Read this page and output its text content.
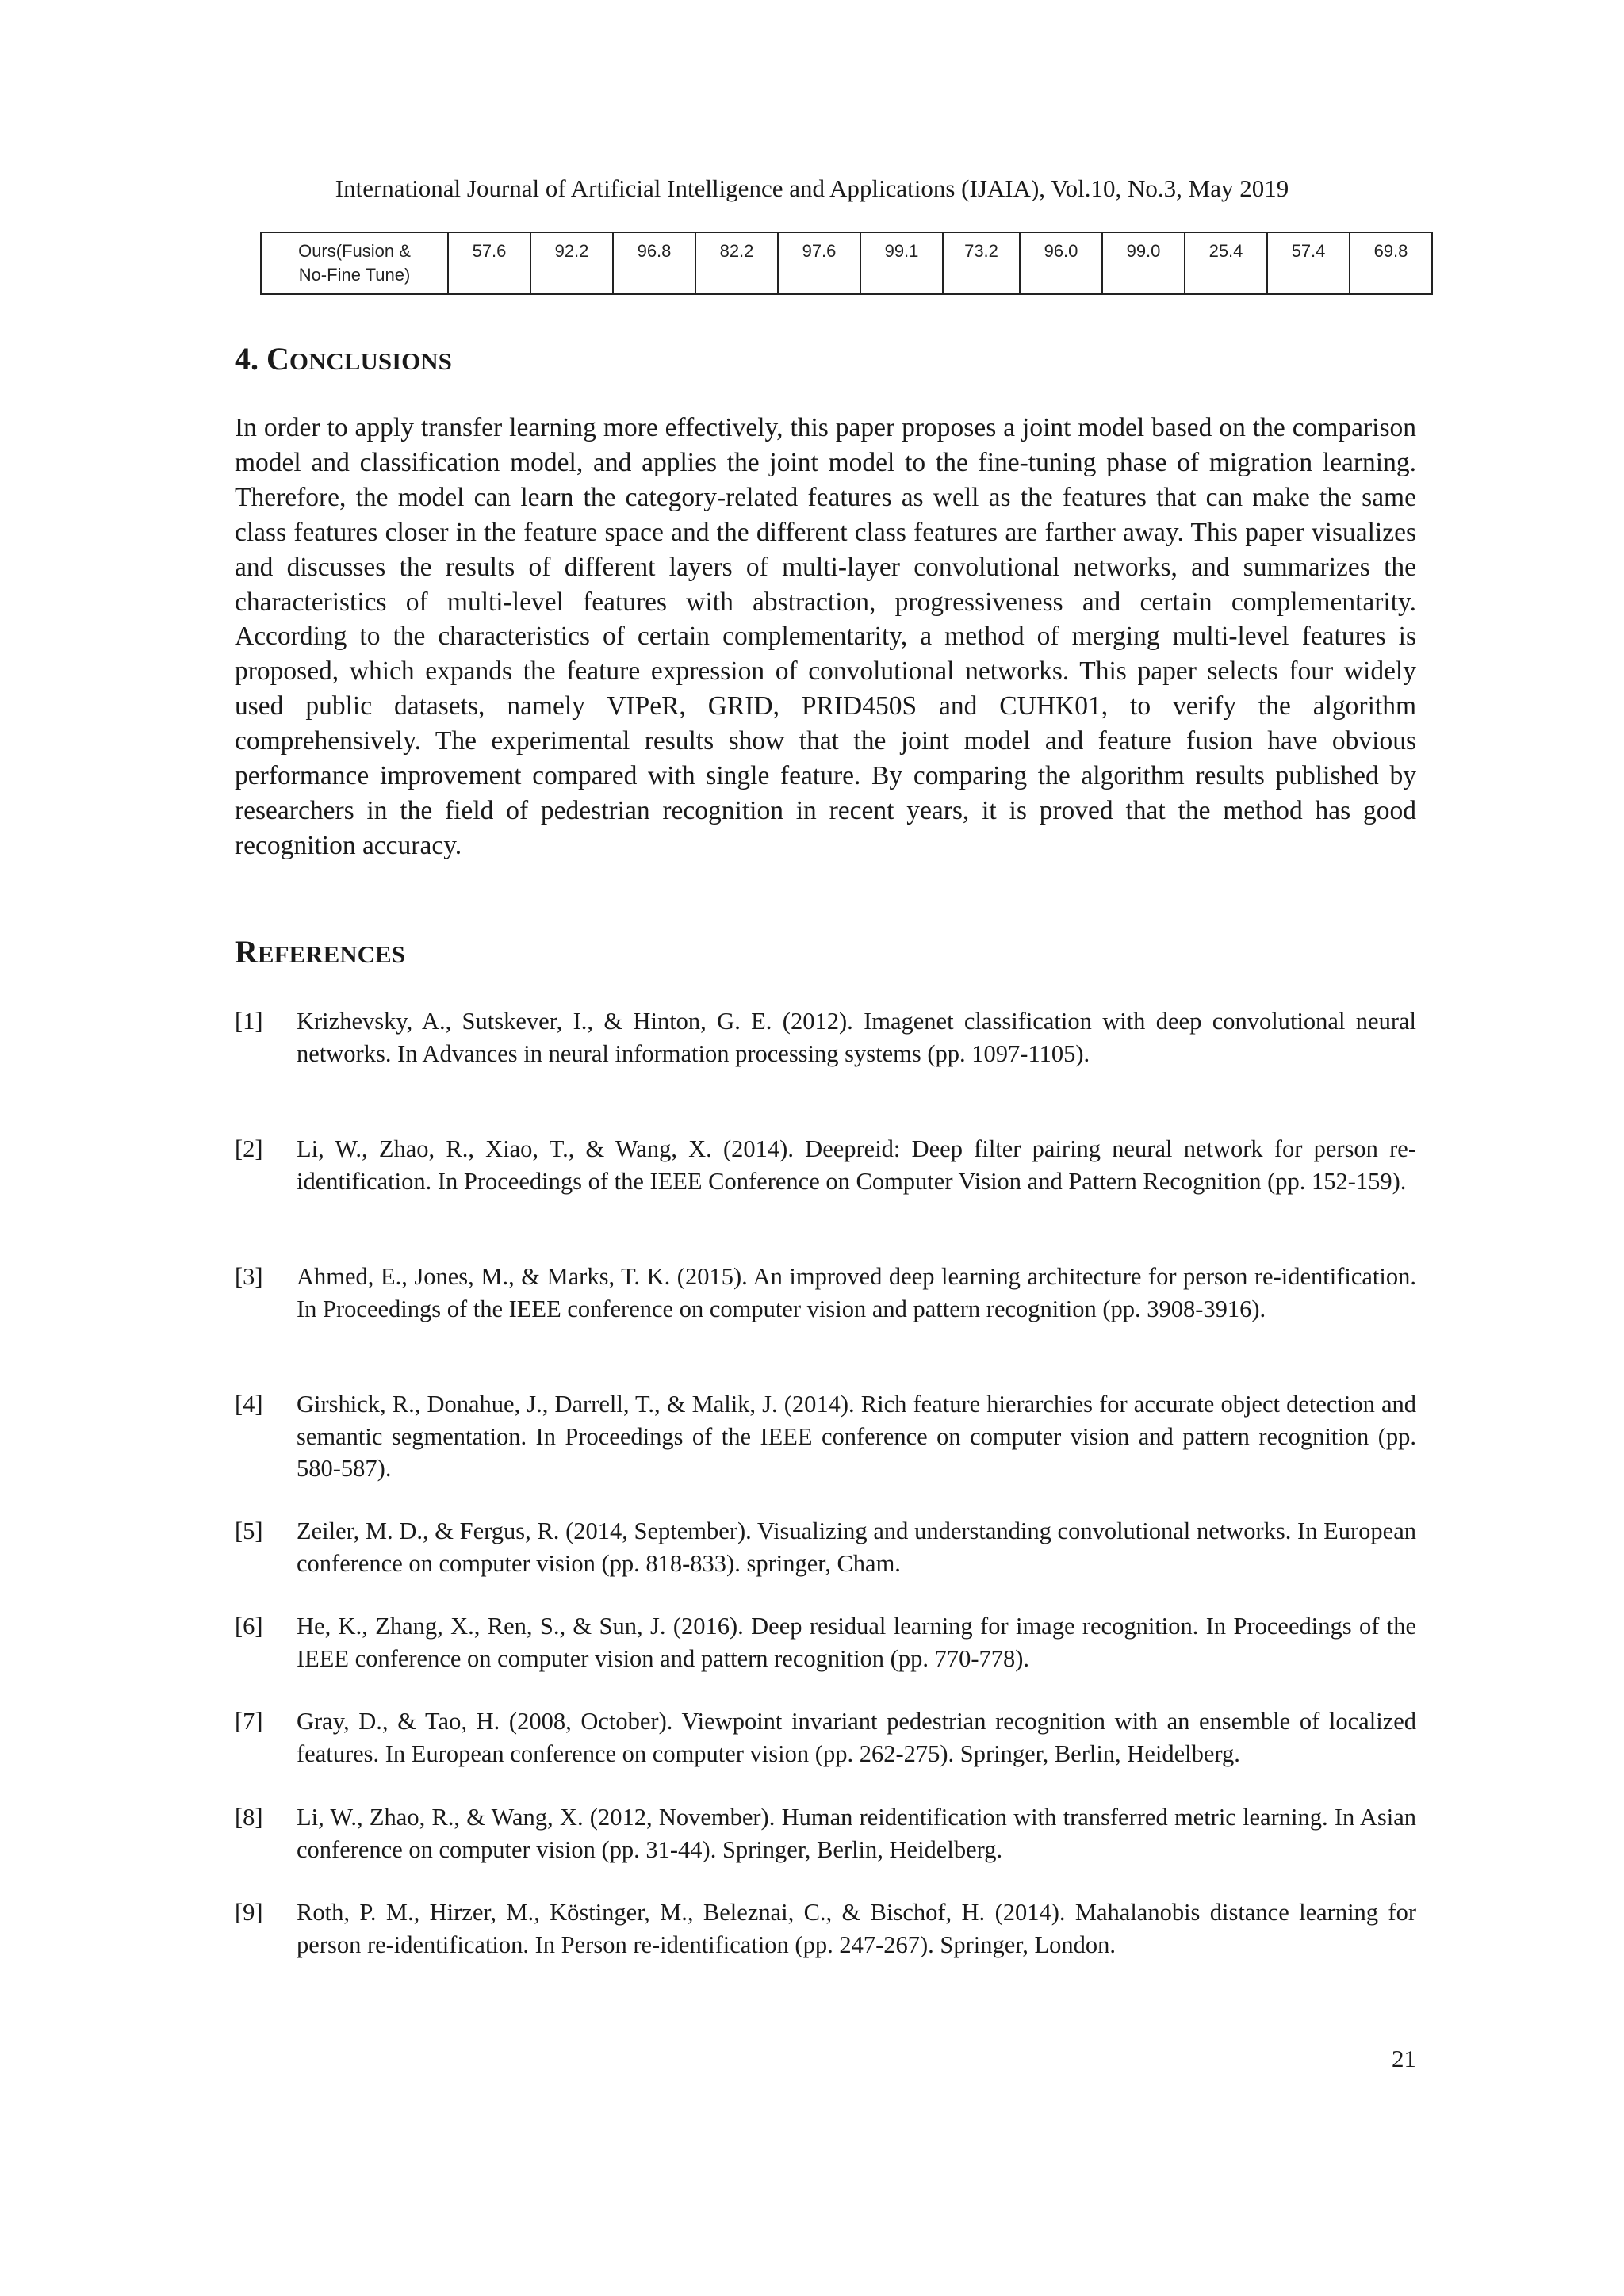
International Journal of Artificial Intelligence and Applications (IJAIA), Vol.10, No.3, May 2019
Ours(Fusion &
No-Fine Tune)
	57.6	92.2	96.8	82.2	97.6	99.1	73.2	96.0	99.0	25.4	57.4	69.8
4. CONCLUSIONS

In order to apply transfer learning more effectively, this paper proposes a joint model based on the comparison model and classification model, and applies the joint model to the fine-tuning phase of migration learning. Therefore, the model can learn the category-related features as well as the features that can make the same class features closer in the feature space and the different class features are farther away. This paper visualizes and discusses the results of different layers of multi-layer convolutional networks, and summarizes the characteristics of multi-level features with abstraction, progressiveness and certain complementarity. According to the characteristics of certain complementarity, a method of merging multi-level features is proposed, which expands the feature expression of convolutional networks. This paper selects four widely used public datasets, namely VIPeR, GRID, PRID450S and CUHK01, to verify the algorithm comprehensively. The experimental results show that the joint model and feature fusion have obvious performance improvement compared with single feature. By comparing the algorithm results published by researchers in the field of pedestrian recognition in recent years, it is proved that the method has good recognition accuracy.

REFERENCES
[1] Krizhevsky, A., Sutskever, I., & Hinton, G. E. (2012). Imagenet classification with deep convolutional neural networks. In Advances in neural information processing systems (pp. 1097-1105).
[2] Li, W., Zhao, R., Xiao, T., & Wang, X. (2014). Deepreid: Deep filter pairing neural network for person re-identification. In Proceedings of the IEEE Conference on Computer Vision and Pattern Recognition (pp. 152-159).
[3] Ahmed, E., Jones, M., & Marks, T. K. (2015). An improved deep learning architecture for person re-identification. In Proceedings of the IEEE conference on computer vision and pattern recognition (pp. 3908-3916).
[4] Girshick, R., Donahue, J., Darrell, T., & Malik, J. (2014). Rich feature hierarchies for accurate object detection and semantic segmentation. In Proceedings of the IEEE conference on computer vision and pattern recognition (pp. 580-587).
[5] Zeiler, M. D., & Fergus, R. (2014, September). Visualizing and understanding convolutional networks. In European conference on computer vision (pp. 818-833). springer, Cham.
[6] He, K., Zhang, X., Ren, S., & Sun, J. (2016). Deep residual learning for image recognition. In Proceedings of the IEEE conference on computer vision and pattern recognition (pp. 770-778).
[7] Gray, D., & Tao, H. (2008, October). Viewpoint invariant pedestrian recognition with an ensemble of localized features. In European conference on computer vision (pp. 262-275). Springer, Berlin, Heidelberg.
[8] Li, W., Zhao, R., & Wang, X. (2012, November). Human reidentification with transferred metric learning. In Asian conference on computer vision (pp. 31-44). Springer, Berlin, Heidelberg.
[9] Roth, P. M., Hirzer, M., Köstinger, M., Beleznai, C., & Bischof, H. (2014). Mahalanobis distance learning for person re-identification. In Person re-identification (pp. 247-267). Springer, London.
21
